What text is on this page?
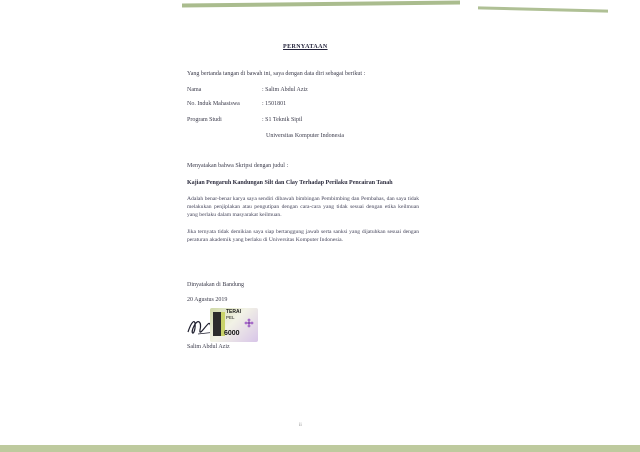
PERNYATAAN
Yang bertanda tangan di bawah ini, saya dengan data diri sebagai berikut :
Nama	: Salim Abdul Aziz
No. Induk Mahasiswa	: 1501801
Program Studi	: S1 Teknik Sipil
Universitas Komputer Indonesia
Menyatakan bahwa Skripsi dengan judul :
Kajian Pengaruh Kandungan Silt dan Clay Terhadap Perilaku Pencairan Tanah
Adalah benar-benar karya saya sendiri dibawah bimbingan Pembimbing dan Pembahas, dan saya tidak melakukan penjiplakan atau pengutipan dengan cara-cara yang tidak sesuai dengan etika keilmuan yang berlaku dalam masyarakat keilmuan.
Jika ternyata tidak demikian saya siap bertanggung jawab serta sanksi yang dijatuhkan sesuai dengan peraturan akademik yang berlaku di Universitas Komputer Indonesia.
Dinyatakan di Bandung
20 Agustus 2019
TERAI
PEL
6000
Salim Abdul Aziz
ii
